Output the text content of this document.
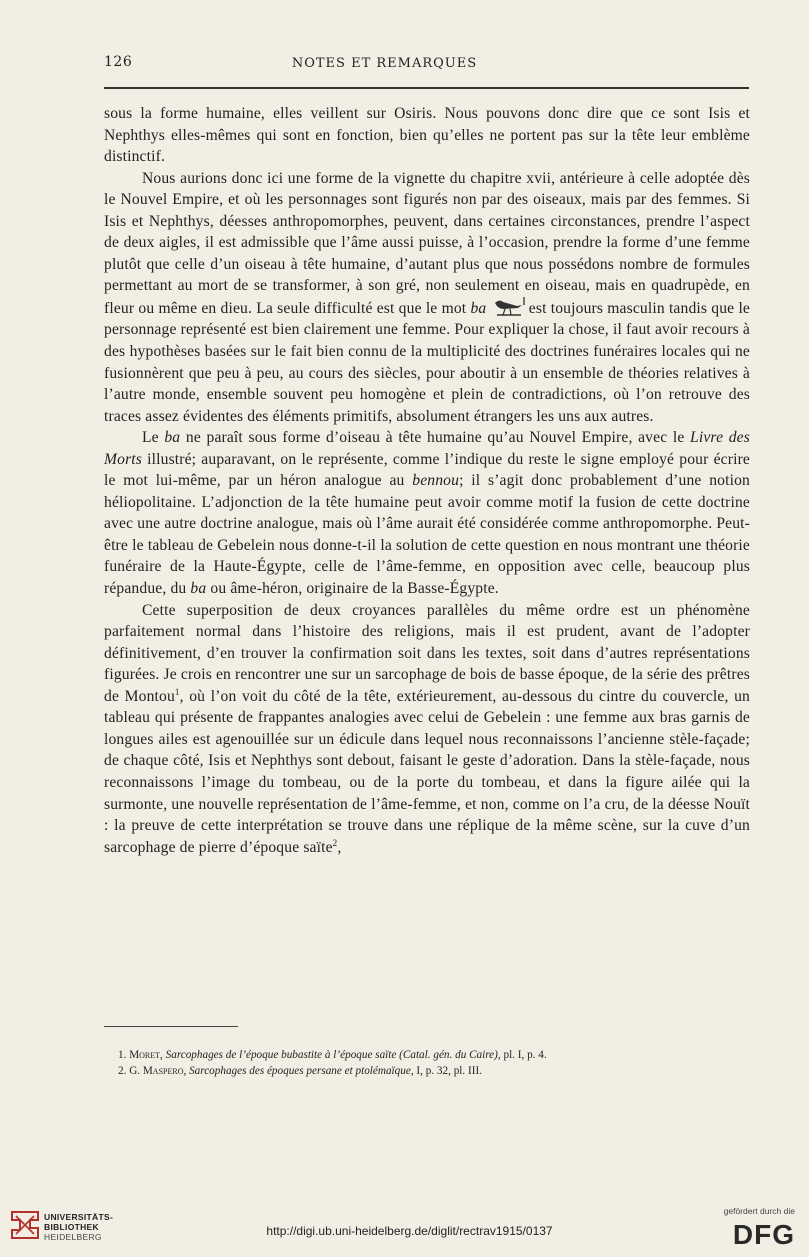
126	NOTES ET REMARQUES

sous la forme humaine, elles veillent sur Osiris. Nous pouvons donc dire que ce sont Isis et Nephthys elles-mêmes qui sont en fonction, bien qu’elles ne portent pas sur la tête leur emblème distinctif.

Nous aurions donc ici une forme de la vignette du chapitre xvii, antérieure à celle adoptée dès le Nouvel Empire, et où les personnages sont figurés non par des oiseaux, mais par des femmes. Si Isis et Nephthys, déesses anthropomorphes, peuvent, dans certaines circonstances, prendre l’aspect de deux aigles, il est admissible que l’âme aussi puisse, à l’occasion, prendre la forme d’une femme plutôt que celle d’un oiseau à tête humaine, d’autant plus que nous possédons nombre de formules permettant au mort de se transformer, à son gré, non seulement en oiseau, mais en quadrupède, en fleur ou même en dieu. La seule difficulté est que le mot ba	est toujours masculin tandis que le personnage représenté est bien clairement une femme. Pour expliquer la chose, il faut avoir recours à des hypothèses basées sur le fait bien connu de la multiplicité des doctrines funéraires locales qui ne fusionnèrent que peu à peu, au cours des siècles, pour aboutir à un ensemble de théories relatives à l’autre monde, ensemble souvent peu homogène et plein de contradictions, où l’on retrouve des traces assez évidentes des éléments primitifs, absolument étrangers les uns aux autres.

Le ba ne paraît sous forme d’oiseau à tête humaine qu’au Nouvel Empire, avec le Livre des Morts illustré; auparavant, on le représente, comme l’indique du reste le signe employé pour écrire le mot lui-même, par un héron analogue au bennou; il s’agit donc probablement d’une notion héliopolitaine. L’adjonction de la tête humaine peut avoir comme motif la fusion de cette doctrine avec une autre doctrine analogue, mais où l’âme aurait été considérée comme anthropomorphe. Peut-être le tableau de Gebelein nous donne-t-il la solution de cette question en nous montrant une théorie funéraire de la Haute-Égypte, celle de l’âme-femme, en opposition avec celle, beaucoup plus répandue, du ba ou âme-héron, originaire de la Basse-Égypte.

Cette superposition de deux croyances parallèles du même ordre est un phénomène parfaitement normal dans l’histoire des religions, mais il est prudent, avant de l’adopter définitivement, d’en trouver la confirmation soit dans les textes, soit dans d’autres représentations figurées. Je crois en rencontrer une sur un sarcophage de bois de basse époque, de la série des prêtres de Montou$^1$, où l’on voit du côté de la tête, extérieurement, au-dessous du cintre du couvercle, un tableau qui présente de frappantes analogies avec celui de Gebelein : une femme aux bras garnis de longues ailes est agenouillée sur un édicule dans lequel nous reconnaissons l’ancienne stèle-façade; de chaque côté, Isis et Nephthys sont debout, faisant le geste d’adoration. Dans la stèle-façade, nous reconnaissons l’image du tombeau, ou de la porte du tombeau, et dans la figure ailée qui la surmonte, une nouvelle représentation de l’âme-femme, et non, comme on l’a cru, de la déesse Nouït : la preuve de cette interprétation se trouve dans une réplique de la même scène, sur la cuve d’un sarcophage de pierre d’époque saïte$^2$,

1. Moret, Sarcophages de l’époque bubastite à l’époque saïte (Catal. gén. du Caire), pl. I, p. 4.

2. G. Maspero, Sarcophages des époques persane et ptolémaïque, I, p. 32, pl. III.

UNIVERSITÄTS-
BIBLIOTHEK
HEIDELBERG	http://digi.ub.uni-heidelberg.de/diglit/rectrav1915/0137
gefördert durch die
DFG
